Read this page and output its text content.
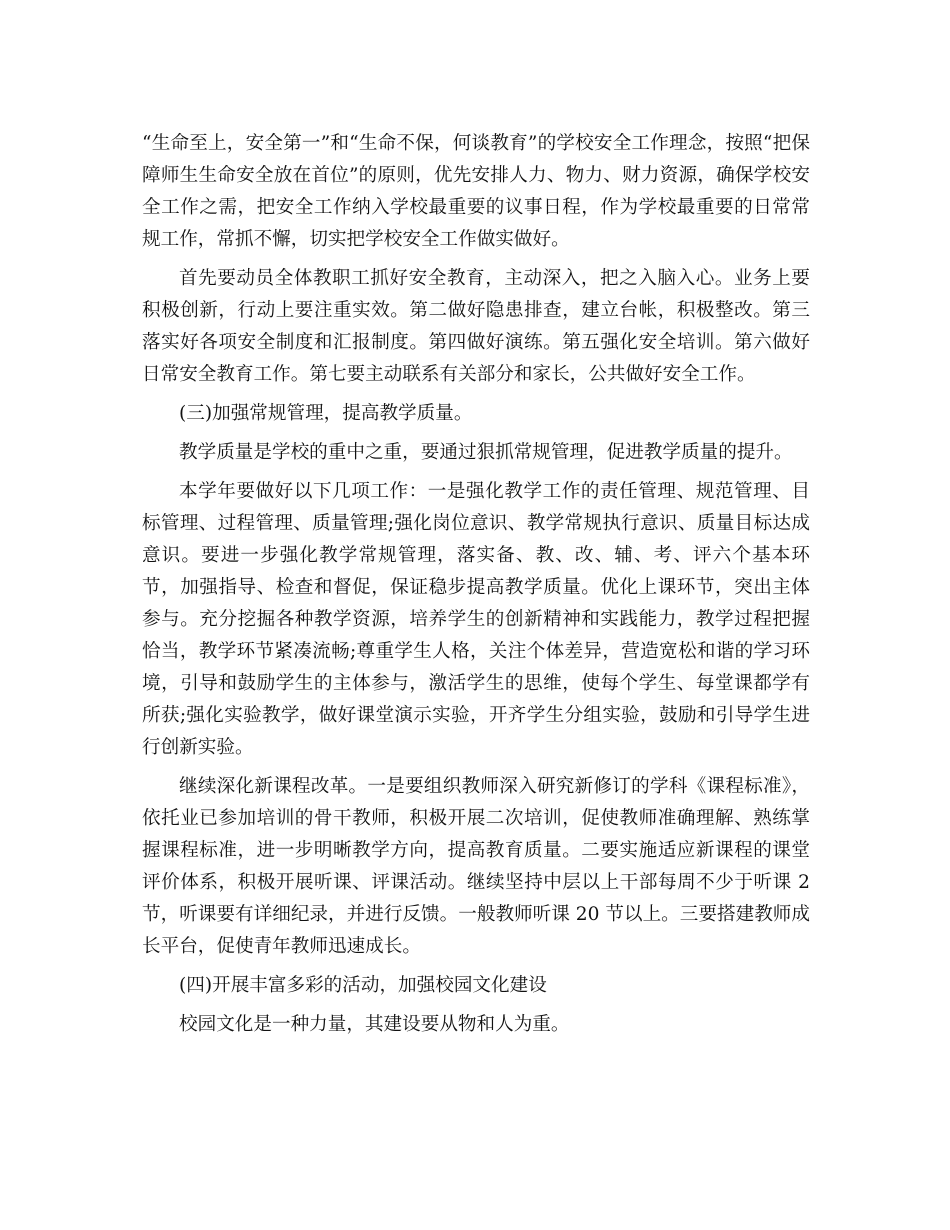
“生命至上，安全第一”和“生命不保，何谈教育”的学校安全工作理念，按照“把保障师生生命安全放在首位”的原则，优先安排人力、物力、财力资源，确保学校安全工作之需，把安全工作纳入学校最重要的议事日程，作为学校最重要的日常常规工作，常抓不懈，切实把学校安全工作做实做好。

首先要动员全体教职工抓好安全教育，主动深入，把之入脑入心。业务上要积极创新，行动上要注重实效。第二做好隐患排查，建立台帐，积极整改。第三落实好各项安全制度和汇报制度。第四做好演练。第五强化安全培训。第六做好日常安全教育工作。第七要主动联系有关部分和家长，公共做好安全工作。

(三)加强常规管理，提高教学质量。

教学质量是学校的重中之重，要通过狠抓常规管理，促进教学质量的提升。

本学年要做好以下几项工作：一是强化教学工作的责任管理、规范管理、目标管理、过程管理、质量管理;强化岗位意识、教学常规执行意识、质量目标达成意识。要进一步强化教学常规管理，落实备、教、改、辅、考、评六个基本环节，加强指导、检查和督促，保证稳步提高教学质量。优化上课环节，突出主体参与。充分挖掘各种教学资源，培养学生的创新精神和实践能力，教学过程把握恰当，教学环节紧凑流畅;尊重学生人格，关注个体差异，营造宽松和谐的学习环境，引导和鼓励学生的主体参与，激活学生的思维，使每个学生、每堂课都学有所获;强化实验教学，做好课堂演示实验，开齐学生分组实验，鼓励和引导学生进行创新实验。

继续深化新课程改革。一是要组织教师深入研究新修订的学科《课程标准》，依托业已参加培训的骨干教师，积极开展二次培训，促使教师准确理解、熟练掌握课程标准，进一步明晰教学方向，提高教育质量。二要实施适应新课程的课堂评价体系，积极开展听课、评课活动。继续坚持中层以上干部每周不少于听课 2 节，听课要有详细纪录，并进行反馈。一般教师听课 20 节以上。三要搭建教师成长平台，促使青年教师迅速成长。

(四)开展丰富多彩的活动，加强校园文化建设

校园文化是一种力量，其建设要从物和人为重。
